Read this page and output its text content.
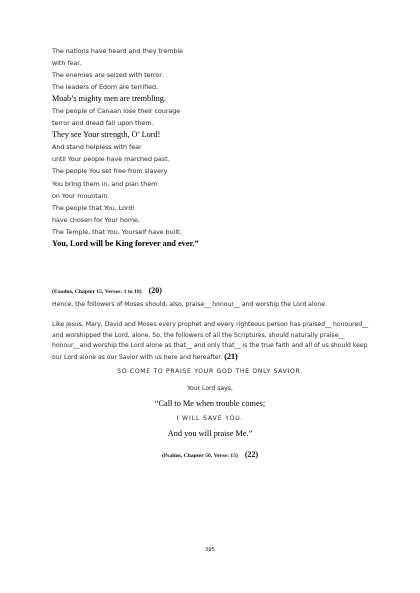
The nations have heard and they tremble
with fear.
The enemies are seized with terror.
The leaders of Edom are terrified.
Moab’s mighty men are trembling.
The people of Canaan lose their courage
terror and dread fall upon them.
They see Your strength, O’ Lord!
And stand helpless with fear
until Your people have marched past.
The people You set free from slavery
You bring them in, and plan them
on Your mountain.
The people that You, Lord!
have chosen for Your home,
The Temple, that You, Yourself have built.
You, Lord will be King forever and ever.”
(Exodus, Chapter 15, Verses: 1 to 18) (20)
Hence, the followers of Moses should, also, praise__ honour__ and worship the Lord alone.
Like Jesus, Mary, David and Moses every prophet and every righteous person has praised__ honoured__ and worshipped the Lord, alone. So, the followers of all the Scriptures, should naturally praise__ honour__and worship the Lord alone as that__ and only that__ is the true faith and all of us should keep our Lord alone as our Savior with us here and hereafter. (21)
SO COME TO PRAISE YOUR GOD THE ONLY SAVIOR.
Your Lord says,
“Call to Me when trouble comes;
I WILL SAVE YOU.
And you will praise Me.”
(Psalms, Chapter 50, Verse: 15) (22)
395
